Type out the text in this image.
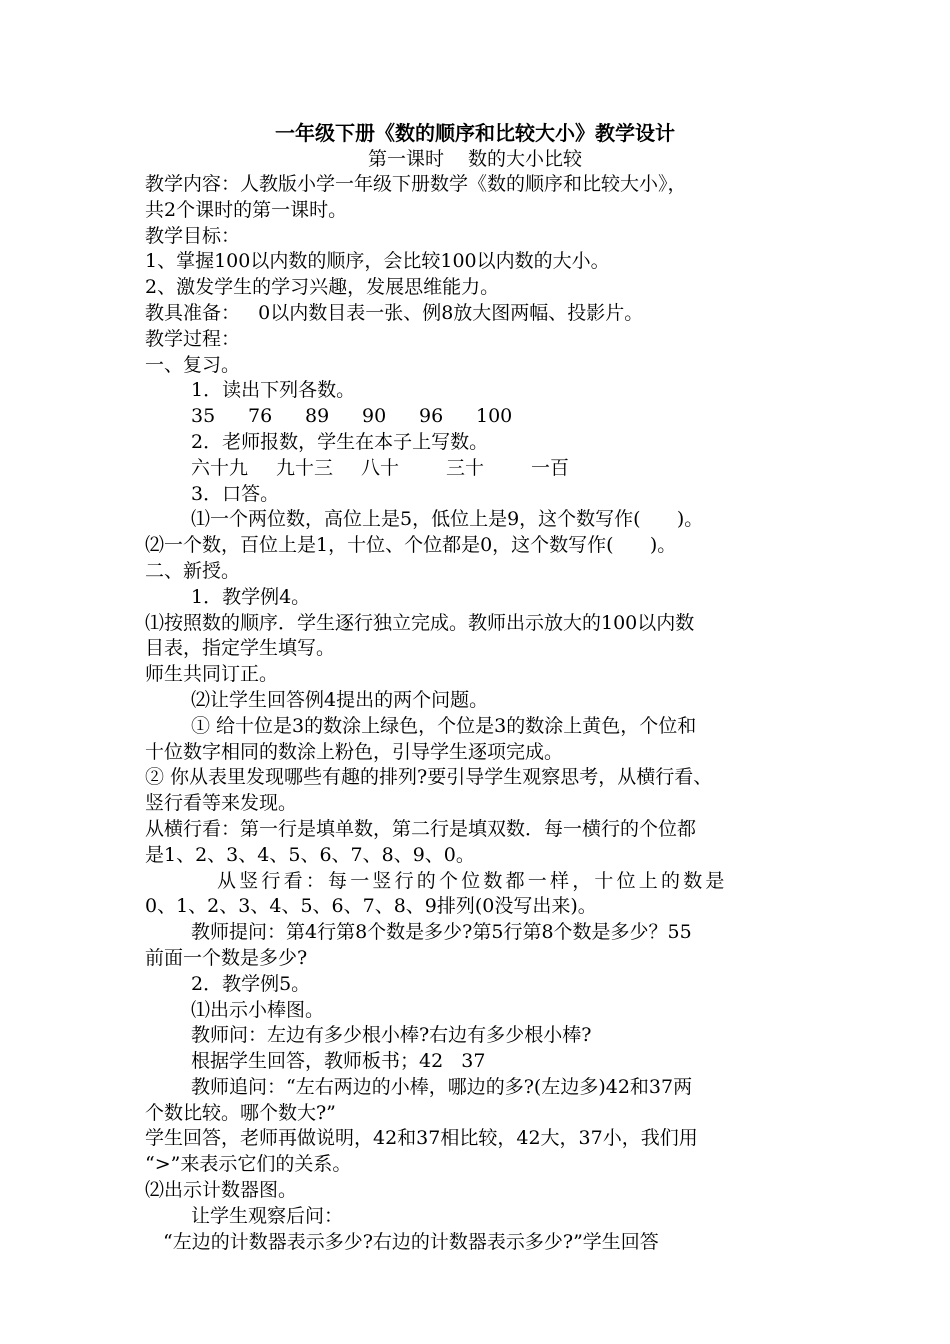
一年级下册《数的顺序和比较大小》教学设计
第一课时 数的大小比较
教学内容：人教版小学一年级下册数学《数的顺序和比较大小》，
共2个课时的第一课时。
教学目标：
1、掌握100以内数的顺序，会比较100以内数的大小。
2、激发学生的学习兴趣，发展思维能力。
教具准备：   0以内数目表一张、例8放大图两幅、投影片。
教学过程：
一、复习。
1．读出下列各数。
35 76 89 90 96 100
2．老师报数，学生在本子上写数。
六十九 九十三 八十 三十 一百
3．口答。
⑴一个两位数，高位上是5，低位上是9，这个数写作(      )。
⑵一个数，百位上是1，十位、个位都是0，这个数写作(      )。
二、新授。
1．教学例4。
⑴按照数的顺序．学生逐行独立完成。教师出示放大的100以内数
目表，指定学生填写。
师生共同订正。
⑵让学生回答例4提出的两个问题。
① 给十位是3的数涂上绿色，个位是3的数涂上黄色，个位和
十位数字相同的数涂上粉色，引导学生逐项完成。
② 你从表里发现哪些有趣的排列?要引导学生观察思考，从横行看、
竖行看等来发现。
从横行看：第一行是填单数，第二行是填双数．每一横行的个位都
是1、2、3、4、5、6、7、8、9、0。
从竖行看：每一竖行的个位数都一样，十位上的数是
0、1、2、3、4、5、6、7、8、9排列(0没写出来)。
教师提问：第4行第8个数是多少?第5行第8个数是多少？55
前面一个数是多少?
2．教学例5。
⑴出示小棒图。
教师问：左边有多少根小棒?右边有多少根小棒?
根据学生回答，教师板书；42   37
教师追问：“左右两边的小棒，哪边的多?(左边多)42和37两
个数比较。哪个数大?”
学生回答，老师再做说明，42和37相比较，42大，37小，我们用
“>”来表示它们的关系。
⑵出示计数器图。
让学生观察后问：
“左边的计数器表示多少?右边的计数器表示多少?”学生回答
